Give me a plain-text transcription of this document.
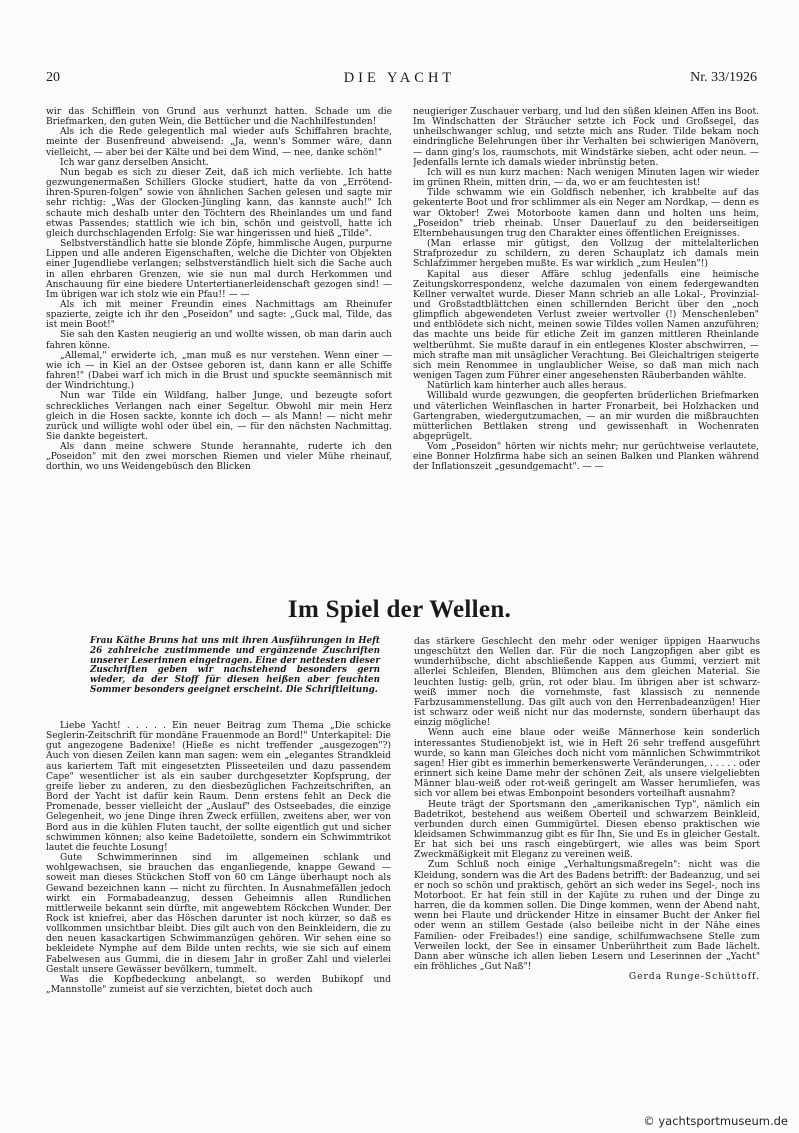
20	DIE YACHT	Nr. 33/1926

wir das Schifflein von Grund aus verhunzt hatten. Schade um die Briefmarken, den guten Wein, die Bettücher und die Nachhilfestunden!

Als ich die Rede gelegentlich mal wieder aufs Schiffahren brachte, meinte der Busenfreund abweisend: „Ja, wenn's Sommer wäre, dann vielleicht, — aber bei der Kälte und bei dem Wind, — nee, danke schön!"

Ich war ganz derselben Ansicht.

Nun begab es sich zu dieser Zeit, daß ich mich verliebte. Ich hatte gezwungenermaßen Schillers Glocke studiert, hatte da von „Errötend-ihren-Spuren-folgen" sowie von ähnlichen Sachen gelesen und sagte mir sehr richtig: „Was der Glocken-Jüngling kann, das kannste auch!" Ich schaute mich deshalb unter den Töchtern des Rheinlandes um und fand etwas Passendes; stattlich wie ich bin, schön und geistvoll, hatte ich gleich durchschlagenden Erfolg: Sie war hingerissen und hieß „Tilde".

Selbstverständlich hatte sie blonde Zöpfe, himmlische Augen, purpurne Lippen und alle anderen Eigenschaften, welche die Dichter von Objekten einer Jugendliebe verlangen; selbstverständlich hielt sich die Sache auch in allen ehrbaren Grenzen, wie sie nun mal durch Herkommen und Anschauung für eine biedere Untertertianerleidenschaft gezogen sind! — Im übrigen war ich stolz wie ein Pfau!! — —

Als ich mit meiner Freundin eines Nachmittags am Rheinufer spazierte, zeigte ich ihr den „Poseidon" und sagte: „Guck mal, Tilde, das ist mein Boot!"

Sie sah den Kasten neugierig an und wollte wissen, ob man darin auch fahren könne.

„Allemal," erwiderte ich, „man muß es nur verstehen. Wenn einer — wie ich — in Kiel an der Ostsee geboren ist, dann kann er alle Schiffe fahren!" (Dabei warf ich mich in die Brust und spuckte seemännisch mit der Windrichtung.)

Nun war Tilde ein Wildfang, halber Junge, und bezeugte sofort schreckliches Verlangen nach einer Segeltur. Obwohl mir mein Herz gleich in die Hosen sackte, konnte ich doch — als Mann! — nicht mehr zurück und willigte wohl oder übel ein, — für den nächsten Nachmittag. Sie dankte begeistert.

Als dann meine schwere Stunde herannahte, ruderte ich den „Poseidon" mit den zwei morschen Riemen und vieler Mühe rheinauf, dorthin, wo uns Weidengebüsch den Blicken

neugieriger Zuschauer verbarg, und lud den süßen kleinen Affen ins Boot. Im Windschatten der Sträucher setzte ich Fock und Großsegel, das unheilschwanger schlug, und setzte mich ans Ruder. Tilde bekam noch eindringliche Belehrungen über ihr Verhalten bei schwierigen Manövern, — dann ging's los, raumschots, mit Windstärke sieben, acht oder neun. — Jedenfalls lernte ich damals wieder inbrünstig beten.

Ich will es nun kurz machen: Nach wenigen Minuten lagen wir wieder im grünen Rhein, mitten drin, — da, wo er am feuchtesten ist!

Tilde schwamm wie ein Goldfisch nebenher, ich krabbelte auf das gekenterte Boot und fror schlimmer als ein Neger am Nordkap, — denn es war Oktober! Zwei Motorboote kamen dann und holten uns heim, „Poseidon" trieb rheinab. Unser Dauerlauf zu den beiderseitigen Elternbehausungen trug den Charakter eines öffentlichen Ereignisses.

(Man erlasse mir gütigst, den Vollzug der mittelalterlichen Strafprozedur zu schildern, zu deren Schauplatz ich damals mein Schlafzimmer hergeben mußte. Es war wirklich „zum Heulen"!)

Kapital aus dieser Affäre schlug jedenfalls eine heimische Zeitungskorrespondenz, welche dazumalen von einem federgewandten Kellner verwaltet wurde. Dieser Mann schrieb an alle Lokal-, Provinzial- und Großstadtblättchen einen schillernden Bericht über den „noch glimpflich abgewendeten Verlust zweier wertvoller (!) Menschenleben" und entblödete sich nicht, meinen sowie Tildes vollen Namen anzuführen; das machte uns beide für etliche Zeit im ganzen mittleren Rheinlande weltberühmt. Sie mußte darauf in ein entlegenes Kloster abschwirren, — mich strafte man mit unsäglicher Verachtung. Bei Gleichaltrigen steigerte sich mein Renommee in unglaublicher Weise, so daß man mich nach wenigen Tagen zum Führer einer angesehensten Räuberbanden wählte.

Natürlich kam hinterher auch alles heraus.

Willibald wurde gezwungen, die geopferten brüderlichen Briefmarken und väterlichen Weinflaschen in harter Fronarbeit, bei Holzhacken und Gartengraben, wiedergutzumachen, — an mir wurden die mißbrauchten mütterlichen Bettlaken streng und gewissenhaft in Wochenraten abgeprügelt.

Vom „Poseidon" hörten wir nichts mehr; nur gerüchtweise verlautete, eine Bonner Holzfirma habe sich an seinen Balken und Planken während der Inflationszeit „gesundgemacht". — —

Im Spiel der Wellen.
Frau Käthe Bruns hat uns mit ihren Ausführungen in Heft 26 zahlreiche zustimmende und ergänzende Zuschriften unserer Leserinnen eingetragen. Eine der nettesten dieser Zuschriften geben wir nachstehend besonders gern wieder, da der Stoff für diesen heißen aber feuchten Sommer besonders geeignet erscheint. Die Schriftleitung.

Liebe Yacht! . . . . . Ein neuer Beitrag zum Thema „Die schicke Seglerin-Zeitschrift für mondäne Frauenmode an Bord!" Unterkapitel: Die gut angezogene Badenixe! (Hieße es nicht treffender „ausgezogen"?) Auch von diesen Zeilen kann man sagen: wem ein „elegantes Strandkleid aus kariertem Taft mit eingesetzten Plisseeteilen und dazu passendem Cape" wesentlicher ist als ein sauber durchgesetzter Kopfsprung, der greife lieber zu anderen, zu den diesbezüglichen Fachzeitschriften, an Bord der Yacht ist dafür kein Raum. Denn erstens fehlt an Deck die Promenade, besser vielleicht der „Auslauf" des Ostseebades, die einzige Gelegenheit, wo jene Dinge ihren Zweck erfüllen, zweitens aber, wer von Bord aus in die kühlen Fluten taucht, der sollte eigentlich gut und sicher schwimmen können; also keine Badetoilette, sondern ein Schwimmtrikot lautet die feuchte Losung!

Gute Schwimmerinnen sind im allgemeinen schlank und wohlgewachsen, sie brauchen das enganliegende, knappe Gewand — soweit man dieses Stückchen Stoff von 60 cm Länge überhaupt noch als Gewand bezeichnen kann — nicht zu fürchten. In Ausnahmefällen jedoch wirkt ein Formabadeanzug, dessen Geheimnis allen Rundlichen mittlerweile bekannt sein dürfte, mit angewebtem Röckchen Wunder. Der Rock ist kniefrei, aber das Höschen darunter ist noch kürzer, so daß es vollkommen unsichtbar bleibt. Dies gilt auch von den Beinkleidern, die zu den neuen kasackartigen Schwimmanzügen gehören. Wir sehen eine so bekleidete Nymphe auf dem Bilde unten rechts, wie sie sich auf einem Fabelwesen aus Gummi, die in diesem Jahr in großer Zahl und vielerlei Gestalt unsere Gewässer bevölkern, tummelt.

Was die Kopfbedeckung anbelangt, so werden Bubikopf und „Mannstolle" zumeist auf sie verzichten, bietet doch auch

das stärkere Geschlecht den mehr oder weniger üppigen Haarwuchs ungeschützt den Wellen dar. Für die noch Langzopfigen aber gibt es wunderhübsche, dicht abschließende Kappen aus Gummi, verziert mit allerlei Schleifen, Blenden, Blümchen aus dem gleichen Material. Sie leuchten lustig: gelb, grün, rot oder blau. Im übrigen aber ist schwarz-weiß immer noch die vornehmste, fast klassisch zu nennende Farbzusammenstellung. Das gilt auch von den Herrenbadeanzügen! Hier ist schwarz oder weiß nicht nur das modernste, sondern überhaupt das einzig mögliche!

Wenn auch eine blaue oder weiße Männerhose kein sonderlich interessantes Studienobjekt ist, wie in Heft 26 sehr treffend ausgeführt wurde, so kann man Gleiches doch nicht vom männlichen Schwimmtrikot sagen! Hier gibt es immerhin bemerkenswerte Veränderungen, . . . . . oder erinnert sich keine Dame mehr der schönen Zeit, als unsere vielgeliebten Männer blau-weiß oder rot-weiß geringelt am Wasser herumliefen, was sich vor allem bei etwas Embonpoint besonders vorteilhaft ausnahm?

Heute trägt der Sportsmann den „amerikanischen Typ", nämlich ein Badetrikot, bestehend aus weißem Oberteil und schwarzem Beinkleid, verbunden durch einen Gummigürtel. Diesen ebenso praktischen wie kleidsamen Schwimmanzug gibt es für Ihn, Sie und Es in gleicher Gestalt. Er hat sich bei uns rasch eingebürgert, wie alles was beim Sport Zweckmäßigkeit mit Eleganz zu vereinen weiß.

Zum Schluß noch einige „Verhaltungsmaßregeln": nicht was die Kleidung, sondern was die Art des Badens betrifft: der Badeanzug, und sei er noch so schön und praktisch, gehört an sich weder ins Segel-, noch ins Motorboot. Er hat fein still in der Kajüte zu ruhen und der Dinge zu harren, die da kommen sollen. Die Dinge kommen, wenn der Abend naht, wenn bei Flaute und drückender Hitze in einsamer Bucht der Anker fiel oder wenn an stillem Gestade (also beileibe nicht in der Nähe eines Familien- oder Freibades!) eine sandige, schilfumwachsene Stelle zum Verweilen lockt, der See in einsamer Unberührtheit zum Bade lächelt. Dann aber wünsche ich allen lieben Lesern und Leserinnen der „Yacht" ein fröhliches „Gut Naß"!

Gerda Runge-Schüttoff.

© yachtsportmuseum.de
